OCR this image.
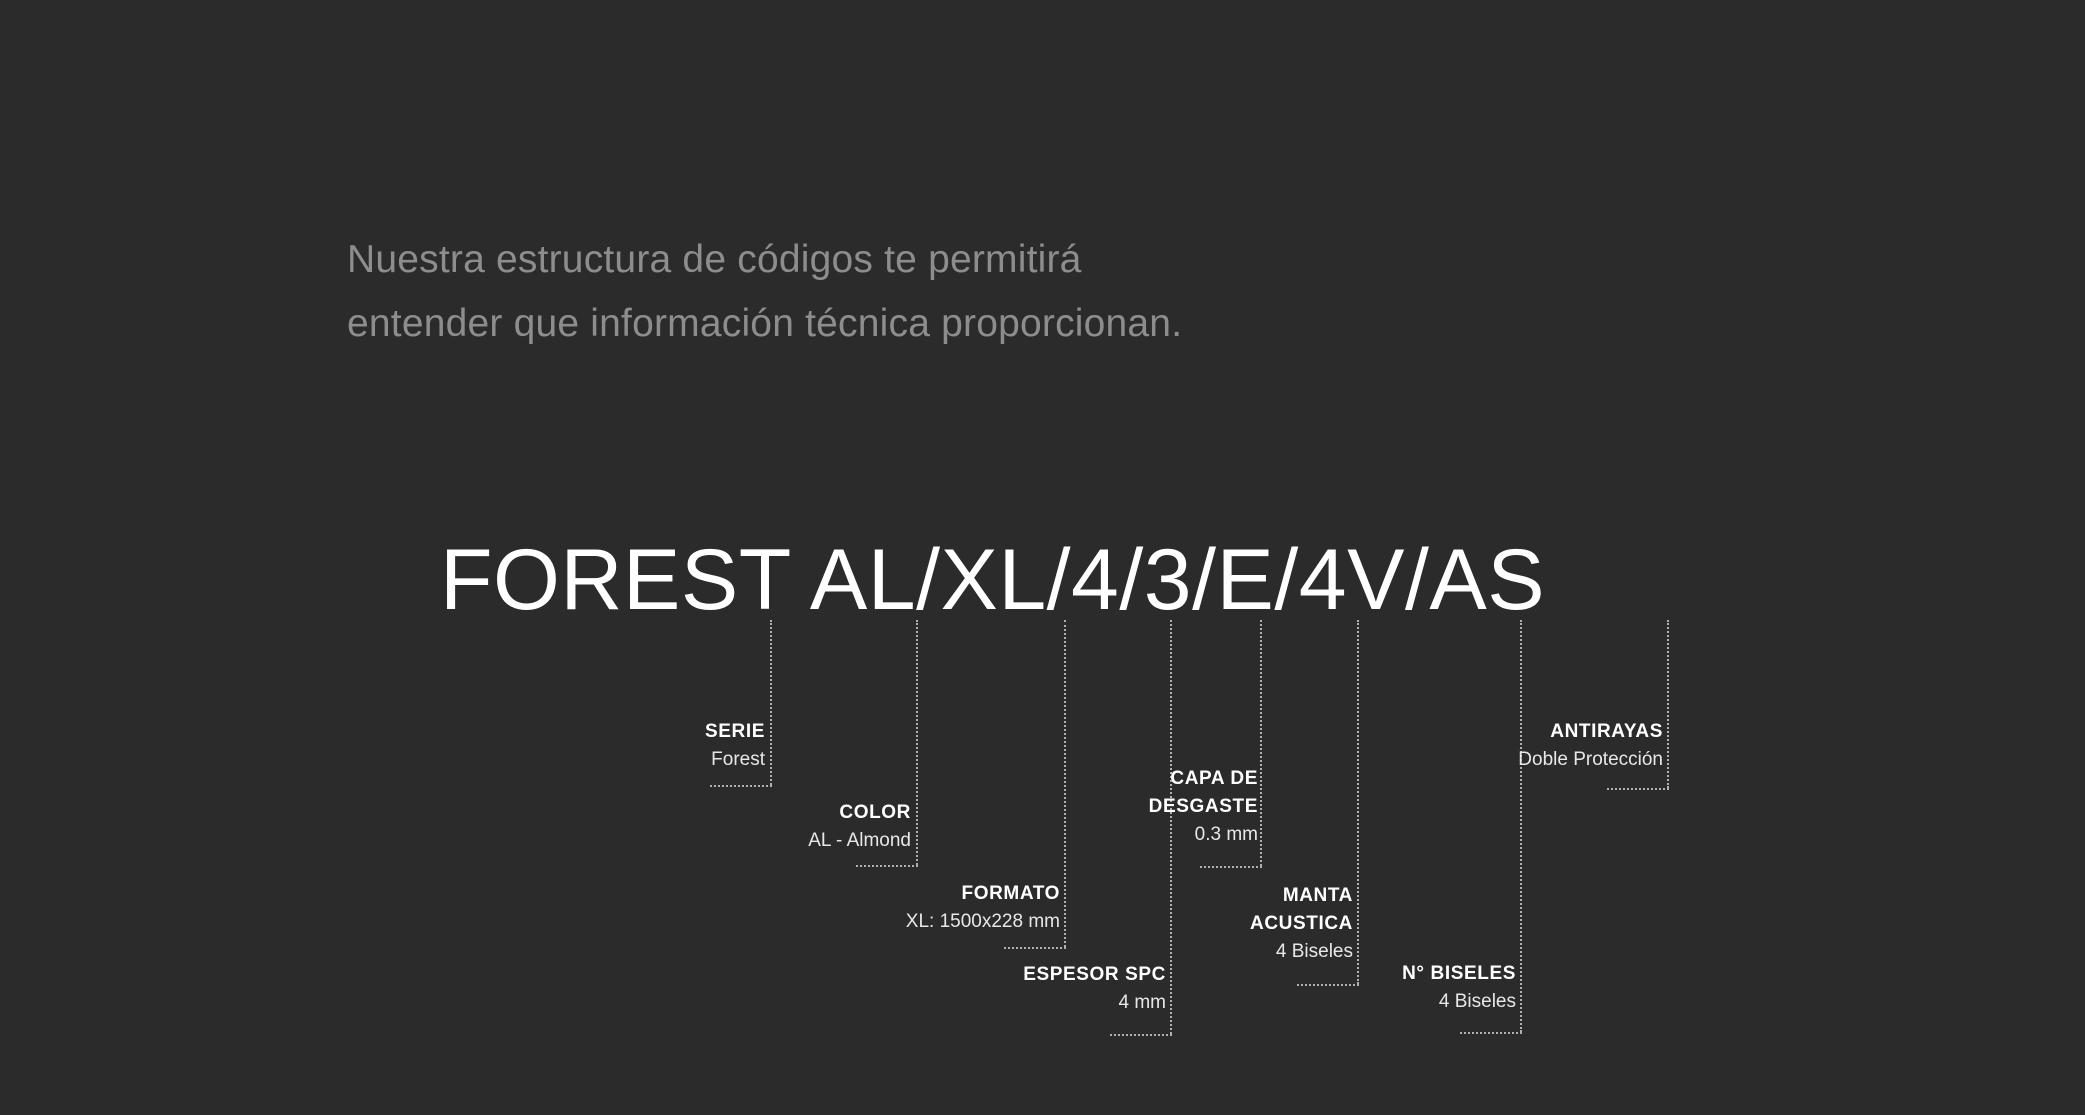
Nuestra estructura de códigos te permitirá entender que información técnica proporcionan.
FOREST AL/XL/4/3/E/4V/AS
SERIE
Forest
COLOR
AL - Almond
FORMATO
XL: 1500x228 mm
ESPESOR SPC
4 mm
CAPA DE
DESGASTE
0.3 mm
MANTA
ACUSTICA
4 Biseles
N° BISELES
4 Biseles
ANTIRAYAS
Doble Protección
